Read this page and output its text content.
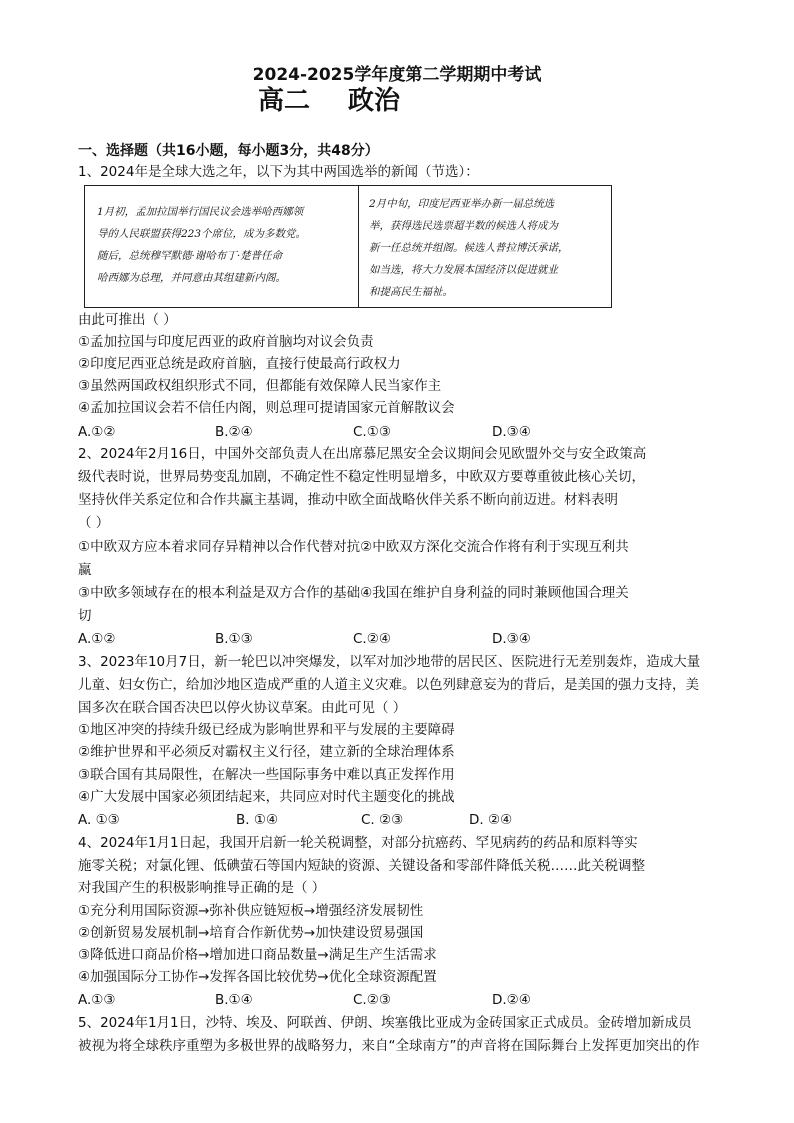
2024-2025学年度第二学期期中考试
高二 政治
一、选择题（共16小题，每小题3分，共48分）
1、2024年是全球大选之年，以下为其中两国选举的新闻（节选）：
1月初，孟加拉国举行国民议会选举哈西娜领
导的人民联盟获得223个席位，成为多数党。
随后，总统穆罕默德·谢哈布丁·楚普任命
哈西娜为总理，并同意由其组建新内阁。
2月中旬，印度尼西亚举办新一届总统选
举，获得选民选票超半数的候选人将成为
新一任总统并组阁。候选人普拉博沃承诺，
如当选，将大力发展本国经济以促进就业
和提高民生福祉。
由此可推出（ ）
①孟加拉国与印度尼西亚的政府首脑均对议会负责
②印度尼西亚总统是政府首脑，直接行使最高行政权力
③虽然两国政权组织形式不同，但都能有效保障人民当家作主
④孟加拉国议会若不信任内阁，则总理可提请国家元首解散议会
A.①②	B.②④	C.①③	D.③④
2、2024年2月16日，中国外交部负责人在出席慕尼黑安全会议期间会见欧盟外交与安全政策高
级代表时说，世界局势变乱加剧，不确定性不稳定性明显增多，中欧双方要尊重彼此核心关切，
坚持伙伴关系定位和合作共赢主基调，推动中欧全面战略伙伴关系不断向前迈进。材料表明
（ ）
①中欧双方应本着求同存异精神以合作代替对抗②中欧双方深化交流合作将有利于实现互利共
赢
③中欧多领域存在的根本利益是双方合作的基础④我国在维护自身利益的同时兼顾他国合理关
切
A.①②	B.①③	C.②④	D.③④
3、2023年10月7日，新一轮巴以冲突爆发，以军对加沙地带的居民区、医院进行无差别轰炸，造成大量
儿童、妇女伤亡，给加沙地区造成严重的人道主义灾难。以色列肆意妄为的背后，是美国的强力支持，美
国多次在联合国否决巴以停火协议草案。由此可见（ ）
①地区冲突的持续升级已经成为影响世界和平与发展的主要障碍
②维护世界和平必须反对霸权主义行径，建立新的全球治理体系
③联合国有其局限性，在解决一些国际事务中难以真正发挥作用
④广大发展中国家必须团结起来，共同应对时代主题变化的挑战
A. ①③	B. ①④	C. ②③	D. ②④
4、2024年1月1日起，我国开启新一轮关税调整，对部分抗癌药、罕见病药的药品和原料等实
施零关税；对氯化锂、低碘萤石等国内短缺的资源、关键设备和零部件降低关税……此关税调整
对我国产生的积极影响推导正确的是（ ）
①充分利用国际资源→弥补供应链短板→增强经济发展韧性
②创新贸易发展机制→培育合作新优势→加快建设贸易强国
③降低进口商品价格→增加进口商品数量→满足生产生活需求
④加强国际分工协作→发挥各国比较优势→优化全球资源配置
A.①③	B.①④	C.②③	D.②④
5、2024年1月1日，沙特、埃及、阿联酋、伊朗、埃塞俄比亚成为金砖国家正式成员。金砖增加新成员
被视为将全球秩序重塑为多极世界的战略努力，来自“全球南方”的声音将在国际舞台上发挥更加突出的作
